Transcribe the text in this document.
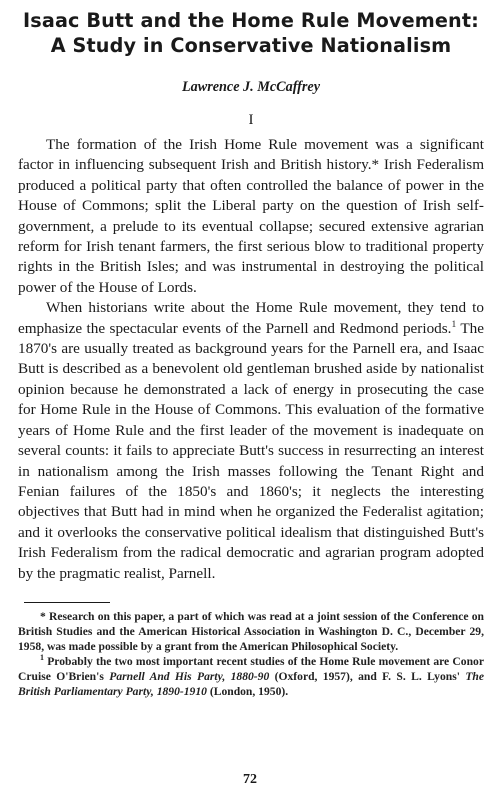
Isaac Butt and the Home Rule Movement:
A Study in Conservative Nationalism
Lawrence J. McCaffrey
I

The formation of the Irish Home Rule movement was a significant factor in influencing subsequent Irish and British history.* Irish Federalism produced a political party that often controlled the balance of power in the House of Commons; split the Liberal party on the question of Irish self-government, a prelude to its eventual collapse; secured extensive agrarian reform for Irish tenant farmers, the first serious blow to traditional property rights in the British Isles; and was instrumental in destroying the political power of the House of Lords.

When historians write about the Home Rule movement, they tend to emphasize the spectacular events of the Parnell and Redmond periods.$^1$ The 1870's are usually treated as background years for the Parnell era, and Isaac Butt is described as a benevolent old gentleman brushed aside by nationalist opinion because he demonstrated a lack of energy in prosecuting the case for Home Rule in the House of Commons. This evaluation of the formative years of Home Rule and the first leader of the movement is inadequate on several counts: it fails to appreciate Butt's success in resurrecting an interest in nationalism among the Irish masses following the Tenant Right and Fenian failures of the 1850's and 1860's; it neglects the interesting objectives that Butt had in mind when he organized the Federalist agitation; and it overlooks the conservative political idealism that distinguished Butt's Irish Federalism from the radical democratic and agrarian program adopted by the pragmatic realist, Parnell.

* Research on this paper, a part of which was read at a joint session of the Conference on British Studies and the American Historical Association in Washington D. C., December 29, 1958, was made possible by a grant from the American Philosophical Society.

$^1$ Probably the two most important recent studies of the Home Rule movement are Conor Cruise O'Brien's Parnell And His Party, 1880-90 (Oxford, 1957), and F. S. L. Lyons' The British Parliamentary Party, 1890-1910 (London, 1950).

72
